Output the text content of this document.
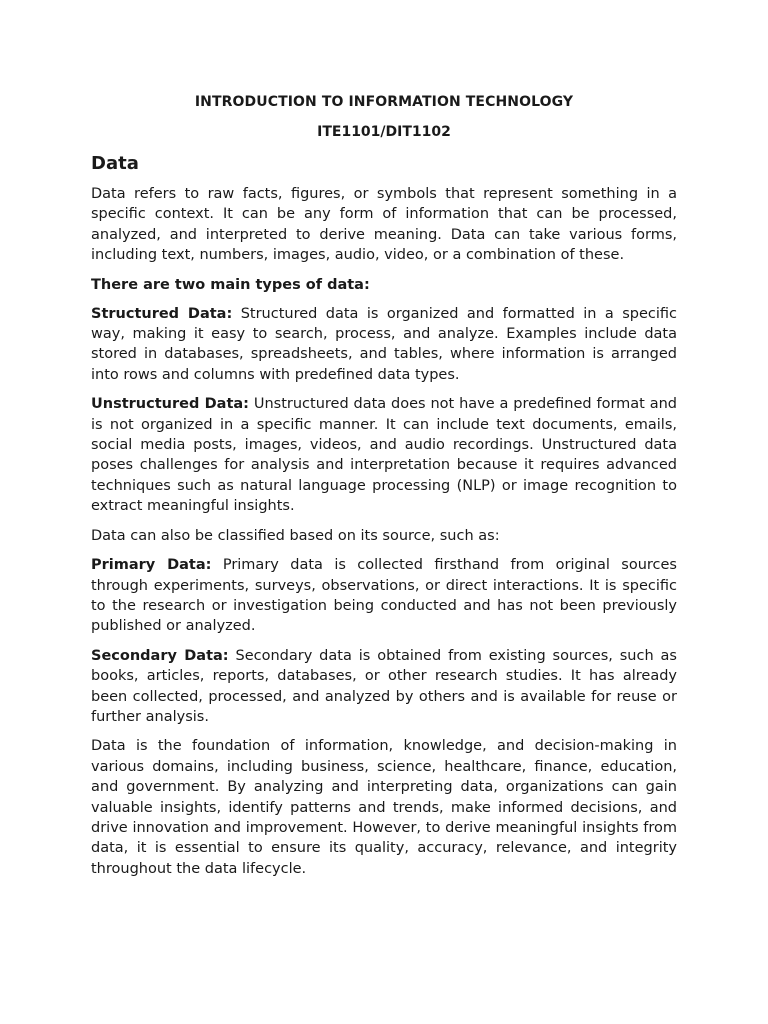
INTRODUCTION TO INFORMATION TECHNOLOGY
ITE1101/DIT1102
Data

Data refers to raw facts, figures, or symbols that represent something in a specific context. It can be any form of information that can be processed, analyzed, and interpreted to derive meaning. Data can take various forms, including text, numbers, images, audio, video, or a combination of these.

There are two main types of data:

Structured Data: Structured data is organized and formatted in a specific way, making it easy to search, process, and analyze. Examples include data stored in databases, spreadsheets, and tables, where information is arranged into rows and columns with predefined data types.

Unstructured Data: Unstructured data does not have a predefined format and is not organized in a specific manner. It can include text documents, emails, social media posts, images, videos, and audio recordings. Unstructured data poses challenges for analysis and interpretation because it requires advanced techniques such as natural language processing (NLP) or image recognition to extract meaningful insights.

Data can also be classified based on its source, such as:

Primary Data: Primary data is collected firsthand from original sources through experiments, surveys, observations, or direct interactions. It is specific to the research or investigation being conducted and has not been previously published or analyzed.

Secondary Data: Secondary data is obtained from existing sources, such as books, articles, reports, databases, or other research studies. It has already been collected, processed, and analyzed by others and is available for reuse or further analysis.

Data is the foundation of information, knowledge, and decision-making in various domains, including business, science, healthcare, finance, education, and government. By analyzing and interpreting data, organizations can gain valuable insights, identify patterns and trends, make informed decisions, and drive innovation and improvement. However, to derive meaningful insights from data, it is essential to ensure its quality, accuracy, relevance, and integrity throughout the data lifecycle.
